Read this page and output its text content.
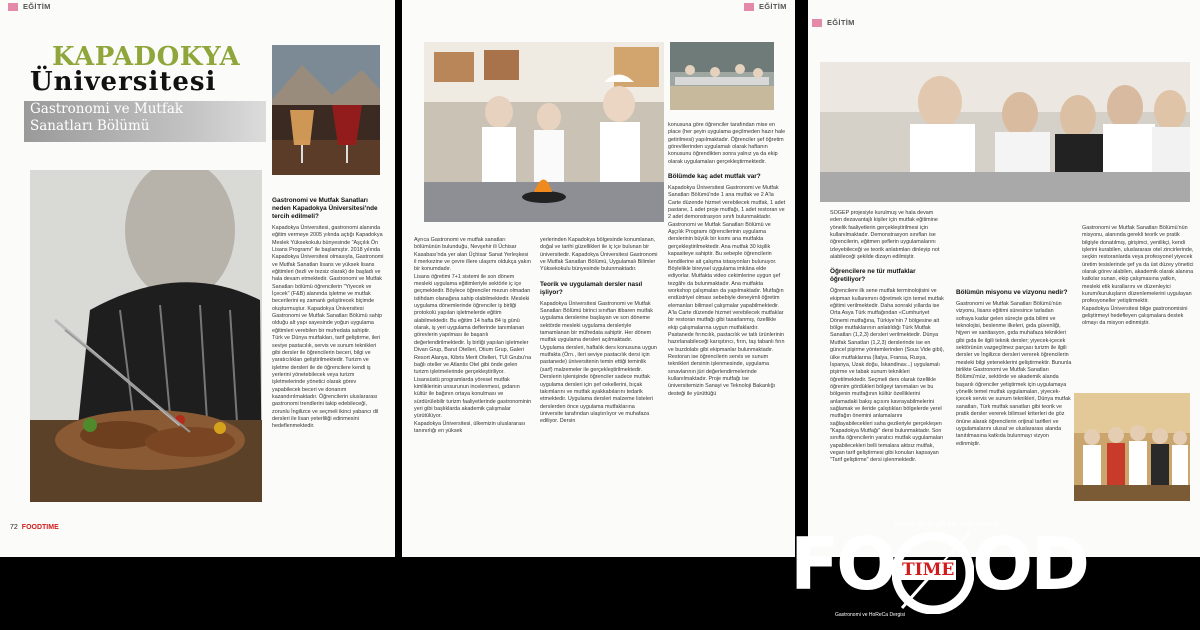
EĞİTİM
KAPADOKYA
Üniversitesi
Gastronomi ve Mutfak
Sanatları Bölümü
Gastronomi ve Mutfak Sanatları neden Kapadokya Üniversitesi'nde tercih edilmeli?

Kapadokya Üniversitesi, gastronomi alanında eğitim vermeye 2005 yılında açtığı Kapadokya Meslek Yüksekokulu bünyesinde "Aşçılık Ön Lisans Programı" ile başlamıştır. 2018 yılında Kapadokya Üniversitesi olmasıyla, Gastronomi ve Mutfak Sanatları lisans ve yüksek lisans eğitimleri (tezli ve tezsiz olarak) de başladı ve hala devam etmektedir. Gastronomi ve Mutfak Sanatları bölümü öğrencilerin "Yiyecek ve İçecek" (F&B) alanında işletme ve mutfak becerilerini eş zamanlı geliştirecek biçimde oluşturmuştur. Kapadokya Üniversitesi Gastronomi ve Mutfak Sanatları Bölümü sahip olduğu alt yapı sayesinde yoğun uygulama eğitimleri verebilen bir mufredata sahiptir.

Türk ve Dünya mutfakları, tarif geliştirme, ileri seviye pastacılık, servis ve sunum teknikleri gibi dersler ile öğrencilerin beceri, bilgi ve yaratıcılıkları geliştirilmektedir. Turizm ve işletme dersleri ile de öğrencilere kendi iş yerlerini yönetebilecek veya turizm işletmelerinde yönetici olarak görev yapabilecek beceri ve donanım kazandırılmaktadır. Öğrencilerin uluslararası gastronomi trendlerini takip edebileceği, zorunlu İngilizce ve seçmeli ikinci yabancı dil dersleri ile lisan yeterliliği edinmesini hedeflenmektedir.

72 FOODTIME
EĞİTİM

Ayrıca Gastronomi ve mutfak sanatları bölümünün bulunduğu, Nevşehir ili Üchisar Kasabası'nda yer alan Üçhisar Sanat Yerleşkesi il merkezine ve çevre illere ulaşımı oldukça yakın bir konumdadır.

Lisans öğretimi 7+1 sistemi ile son dönem mesleki uygulama eğitimleriyle sektörle iç içe geçmektedir. Böylece öğrenciler mezun olmadan istihdam olanağına sahip olabilmektedir. Mesleki uygulama dönemlerinde öğrenciler iş birliği protokolü yapılan işletmelerde eğitim alabilmektedir. Bu eğitim 14 hafta 84 iş günü olarak, iş yeri uygulama defterinde tanımlanan görevlerin yapılması ile başarılı değerlendirilmektedir. İş birliği yapılan işletmeler Divan Grup, Barut Otelleri, Otium Grup, Galeri Resort Alanya, Kibris Merit Otelleri, TUI Grubu'na bağlı oteller ve Atlantis Otel gibi önde gelen turizm işletmelerinde gerçekleştiriliyor.

Lisansüstü programlarda yöresel mutfak kimliklerinin unsurunun incelenmesi, gıdanın kültür ile bağının ortaya konulması ve sürdürülebilir turizm faaliyetlerinde gastronominin yeri gibi başlıklarda akademik çalışmalar yürütülüyor.

Kapadokya Üniversitesi, ülkemizin uluslararası tanınırlığı en yüksek

yerlerinden Kapadokya bölgesinde konumlanan, doğal ve tarihi güzellikleri ile iç içe bulunan bir üniversitedir. Kapadokya Üniversitesi Gastronomi ve Mutfak Sanatları Bölümü, Uygulamalı Bilimler Yüksekokulu bünyesinde bulunmaktadır.

Teorik ve uygulamalı dersler nasıl işliyor?

Kapadokya Üniversitesi Gastronomi ve Mutfak Sanatları Bölümü birinci sınıftan itibaren mutfak uygulama derslerine başlayan ve son döneme sektörde mesleki uygulama dersleriyle tamamlanan bir müfredata sahiptir. Her dönem mutfak uygulama dersleri açılmaktadır. Uygulama dersleri, haftalık ders konusuna uygun mutfakta (Örn., ileri seviye pastacılık dersi için pastanede) üniversitenin temin ettiği teminlik (sarf) malzemeler ile gerçekleştirilmektedir. Derslerin işlenişinde öğrenciler sadece mutfak uygulama dersleri için şef cekellerini, bıçak takımlarını ve mutfak ayakkabılarını tedarik etmektedir. Uygulama dersleri malzeme listeleri derslerden önce uygulama mutfaklarına üniversite tarafından ulaştırılıyor ve muhafaza ediliyor. Dersin

konusuna göre öğrenciler tarafından mise en place (her şeyin uygulama geçilmeden hazır hale getirilmesi) yapılmaktadır. Öğrenciler şef öğretim görevlilerinden uygulamalı olarak haftanın konusunu öğrendikten sonra yalnız ya da ekip olarak uygulamaları gerçekleştirmektedir.

Bölümde kaç adet mutfak var?

Kapadokya Üniversitesi Gastronomi ve Mutfak Sanatları Bölümü'nde 1 ana mutfak ve 2 A'la Carte düzende hizmet verebilecek mutfak, 1 adet pastane, 1 adet proje mutfağı, 1 adet restoran ve 2 adet demonstrasyon sınıfı bulunmaktadır. Gastronomi ve Mutfak Sanatları Bölümü ve Aşçılık Programı öğrencilerinin uygulama derslerinin büyük bir kısmı ana mutfakta gerçekleştirilmektedir. Ana mutfak 30 kişilik kapasiteye sahiptir. Bu sebeple öğrencilerin kendilerine ait çalışma istasyonları bulunuyor. Böylelikle bireysel uygulama imkâna elde ediyorlar. Mutfakta video cekimlerine uygun şef tezgâhı da bulunmaktadır. Ana mutfakta workshop çalışmaları da yapılmaktadır. Mutfağın endüstriyel olması sebebiyle deneyimli öğretim elemanları bilimsel çalışmalar yapabilmektedir. A'la Carte düzende hizmet verebilecek mutfaklar bir restoran mutfağı gibi tasarlanmış, özellikle ekip çalışmalarına uygun mutfaklardır. Pastanede fırıncılık, pastacılık ve tatlı ürünlerinin hazırlanabileceği karışıtırıcı, fırın, taş tabanlı fırın ve buzdolabı gibi ekipmanlar bulunmaktadır. Restoran ise öğrencilerin servis ve sunum teknikleri dersinin işlenmesinde, uygulama sınavlarının jüri değerlendirmelerinde kullanılmaktadır. Proje mutfağı ise üniversitemizin Sanayi ve Teknoloji Bakanlığı desteği ile yürüttüğü

EĞİTİM

SOGEP projesiyle kurulmuş ve hala devam eden dezavantajlı kişiler için mutfak eğitimine yönelik faaliyetlerin gerçekleştirilmesi için kullanılmaktadır. Demonstrasyon sınıfları ise öğrencilerin, eğitmen şeflerin uygulamalarını izleyebileceği ve teorik anlatımları dinleyip not alabileceği şekilde dizayn edilmiştir.

Öğrencilere ne tür mutfaklar öğretiliyor?

Öğrencilere ilk sene mutfak terminolojisini ve ekipman kullanımını öğretmek için temel mutfak eğitimi verilmektedir. Daha sonraki yıllarda ise Orta Asya Türk mutfağından «Cumhuriyet Dönemi mutfağına, Türkiye'nin 7 bölgesine ait bölge mutfaklarının anlatıldığı Türk Mutfak Sanatları (1,2,3) dersleri verilmektedir. Dünya Mutfak Sanatları (1,2,3) derslerinde ise en güncel pişirme yöntemlerinden (Sous Vide gibi), ülke mutfaklarına (İtalya, Fransa, Rusya, İspanya, Uzak doğu, İskandinav...) uygulamalı pişirme ve tabak sunum teknikleri öğretilmektedir. Seçmeli ders olarak özellikle öğrenim gördükleri bölgeyi tanımaları ve bu bölgenin mutfağının kültür özelliklerini anlamadaki bakış açısını kavrayabilmelerini sağlamak ve ileride çalıştıkları bölgelerde yerel mutfağın önemini anlamalarını sağlayabilecekleri saha gezileriyle gerçekleşen "Kapadokya Mutfağı" dersi bulunmaktadır. Son sınıfta öğrencilerin yaratıcı mutfak uygulamaları yapabilecekleri belli temalara aktsız mutfak, vegan tarif geliştirmesi gibi konuları kapsayan "Tarif geliştirme" dersi işlenmektedir.

Bölümün misyonu ve vizyonu nedir?

Gastronomi ve Mutfak Sanatları Bölümü'nün vizyonu, lisans eğitimi süresince tarladan sofraya kadar gelen süreçte gıda bilimi ve teknolojisi, beslenme ilkeleri, gıda güvenliği, hijyen ve sanitasyon, gıda muhafaza teknikleri gibi gıda ile ilgili teknik dersler; yiyecek-içecek sektörünün vazgeçilmez parçası turizm ile ilgili dersler ve İngilizce dersleri vererek öğrencilerin mesleki bilgi yeteneklerini geliştirmektir. Bununla birlikte Gastronomi ve Mutfak Sanatları Bölümü'müz, sektörde ve akademik alanda başarılı öğrenciler yetiştirmek için uygulamaya yönelik temel mutfak uygulamaları, yiyecek-içecek servis ve sunum teknikleri, Dünya mutfak sanatları, Türk mutfak sanatları gibi teorik ve pratik dersler vererek bilimsel kriterleri de göz önüne alarak öğrencilerin orijinal tarifleri ve uygulamalarını ulusal ve uluslararası alanda tanıtılmasına katkıda bulunmayı vizyon edinmiştir.

Gastronomi ve Mutfak Sanatları Bölümü'nün misyonu, alanında gerekli teorik ve pratik bilgiyle donatılmış, girişimci, yenilikçi, kendi işlerini kurabilen, uluslararası otel zincirlerinde, seçkin restoranlarda veya profesyonel yiyecek üretim tesislerinde şef ya da üst düzey yönetici olarak görev alabilen, akademik olarak alanına katkılar sunan, ekip çalışmasına yatkın, mesleki etik kurallarını ve düzenleyici kurum/kuruluşların düzenlemelerini uygulayan profesyoneller yetiştirmektir.

Kapadokya Üniversitesi bilge gastronomisini geliştirmeyi hedefleyen çalışmalara destek olmayı da misyon edinmiştir.

Hayatın En Keyifli Anı, Gıda Zamanı!
FO OD
TIME
Gastronomi ve HoReCa Dergisi
